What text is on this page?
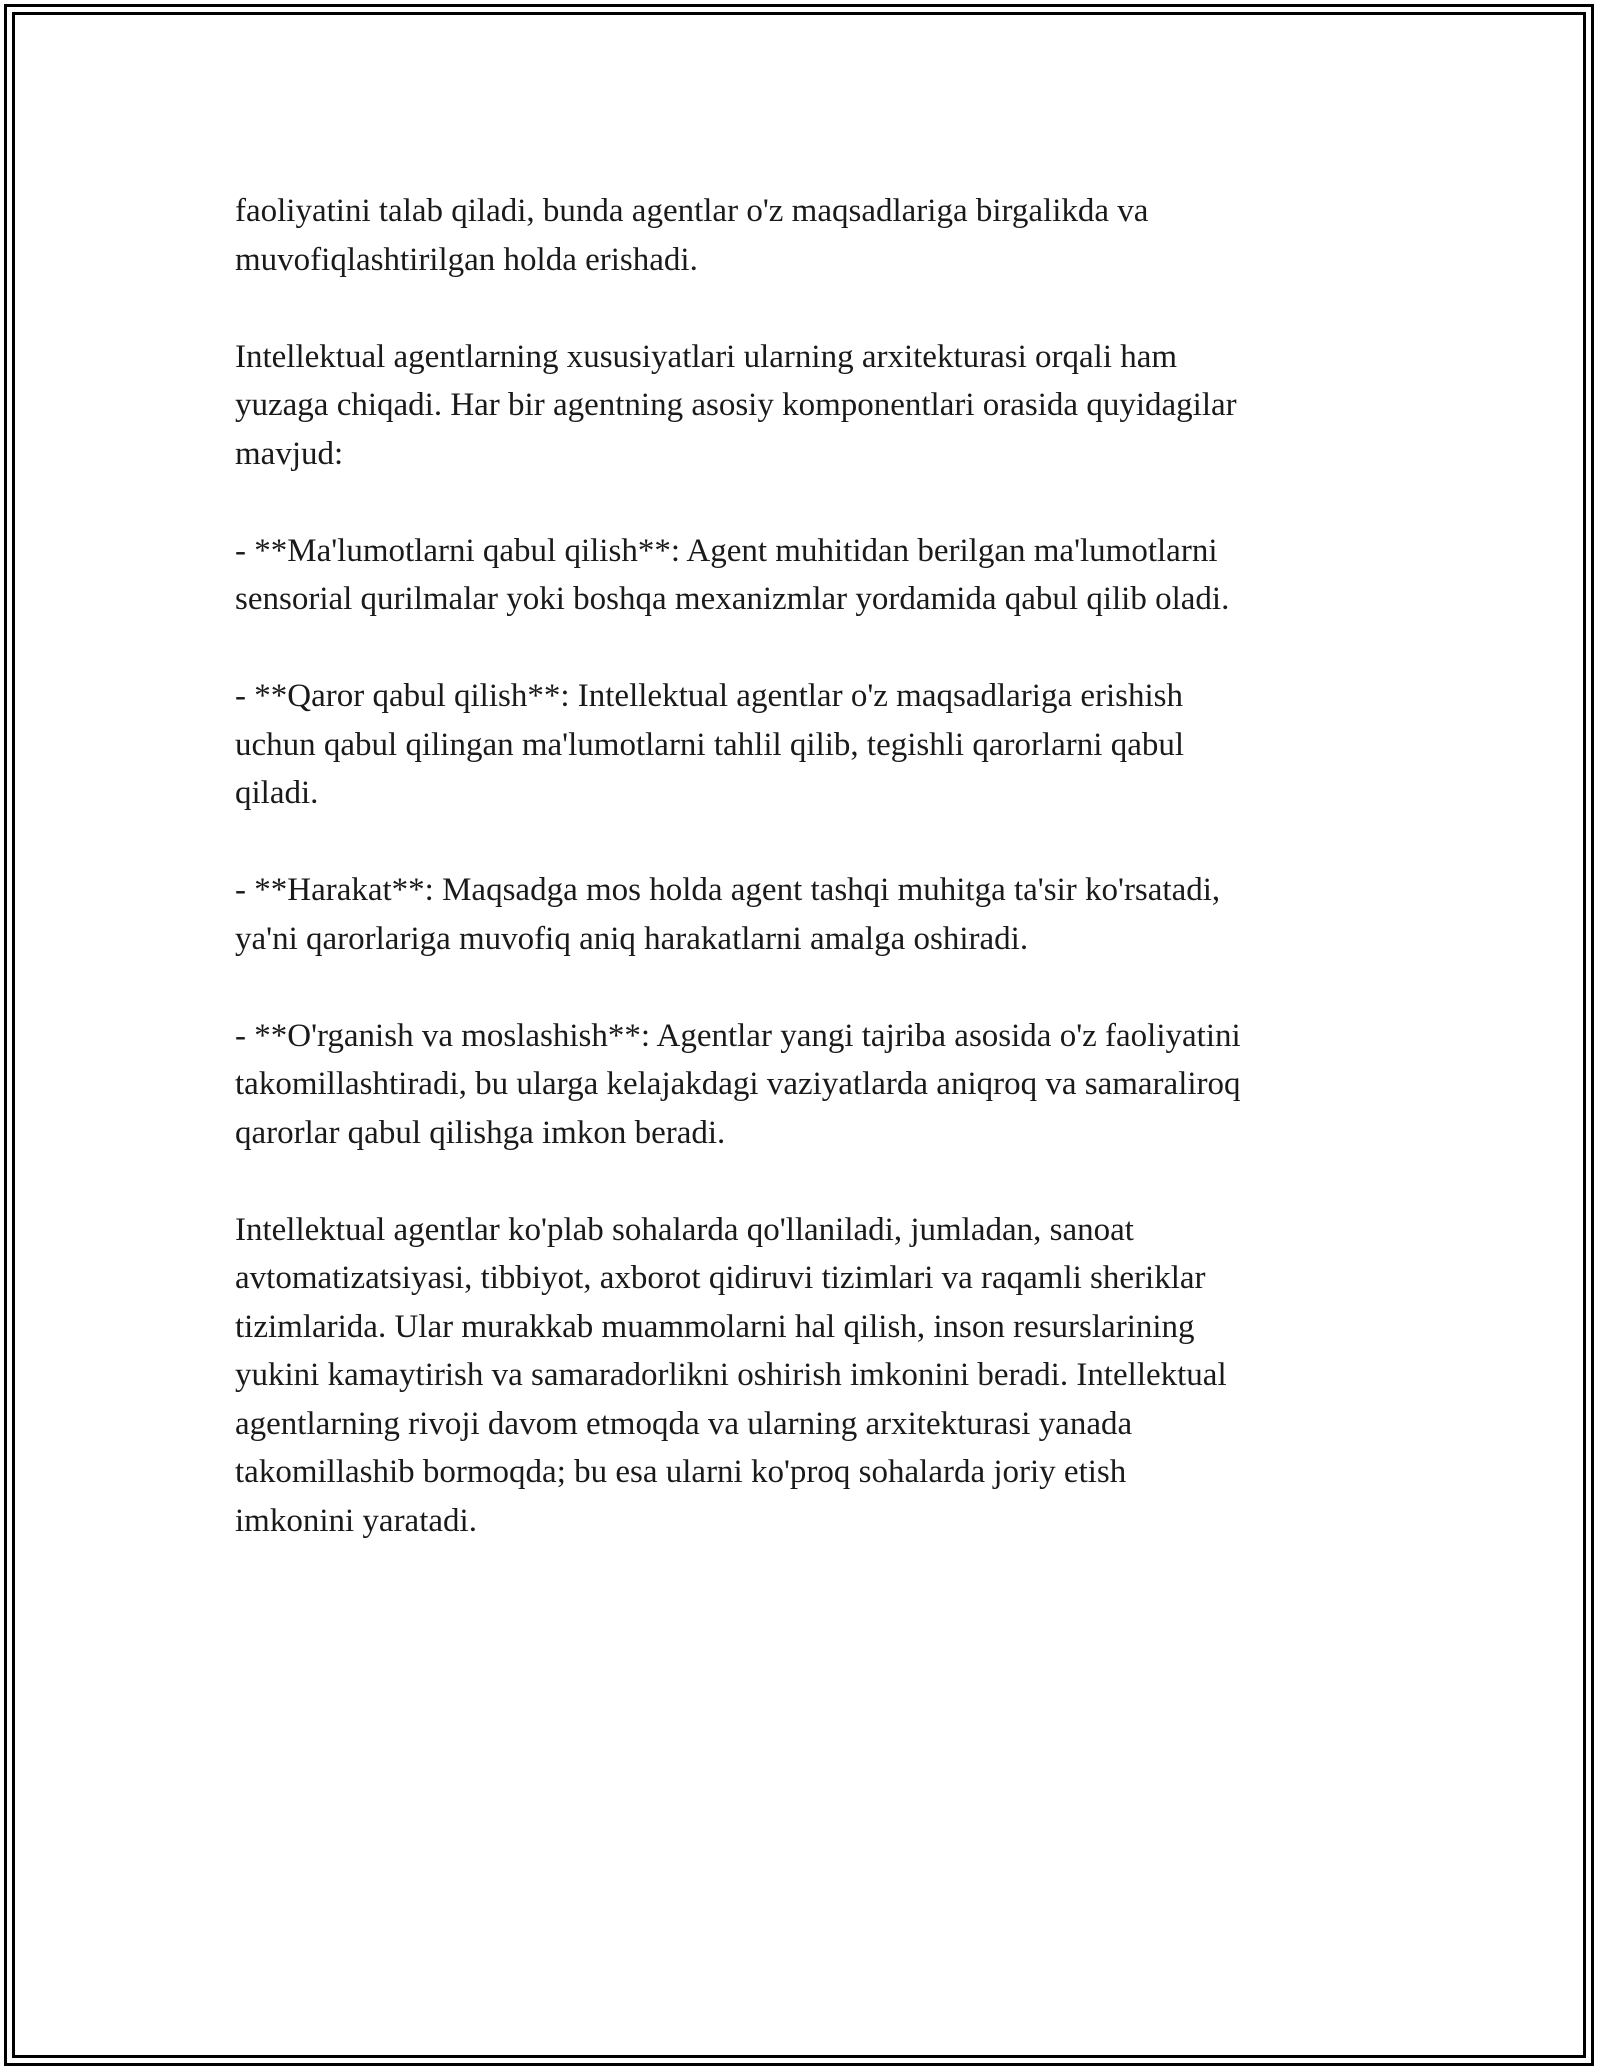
faoliyatini talab qiladi, bunda agentlar o'z maqsadlariga birgalikda va
muvofiqlashtirilgan holda erishadi.

Intellektual agentlarning xususiyatlari ularning arxitekturasi orqali ham
yuzaga chiqadi. Har bir agentning asosiy komponentlari orasida quyidagilar
mavjud:

- **Ma'lumotlarni qabul qilish**: Agent muhitidan berilgan ma'lumotlarni
sensorial qurilmalar yoki boshqa mexanizmlar yordamida qabul qilib oladi.

- **Qaror qabul qilish**: Intellektual agentlar o'z maqsadlariga erishish
uchun qabul qilingan ma'lumotlarni tahlil qilib, tegishli qarorlarni qabul
qiladi.

- **Harakat**: Maqsadga mos holda agent tashqi muhitga ta'sir ko'rsatadi,
ya'ni qarorlariga muvofiq aniq harakatlarni amalga oshiradi.

- **O'rganish va moslashish**: Agentlar yangi tajriba asosida o'z faoliyatini
takomillashtiradi, bu ularga kelajakdagi vaziyatlarda aniqroq va samaraliroq
qarorlar qabul qilishga imkon beradi.

Intellektual agentlar ko'plab sohalarda qo'llaniladi, jumladan, sanoat
avtomatizatsiyasi, tibbiyot, axborot qidiruvi tizimlari va raqamli sheriklar
tizimlarida. Ular murakkab muammolarni hal qilish, inson resurslarining
yukini kamaytirish va samaradorlikni oshirish imkonini beradi. Intellektual
agentlarning rivoji davom etmoqda va ularning arxitekturasi yanada
takomillashib bormoqda; bu esa ularni ko'proq sohalarda joriy etish
imkonini yaratadi.
